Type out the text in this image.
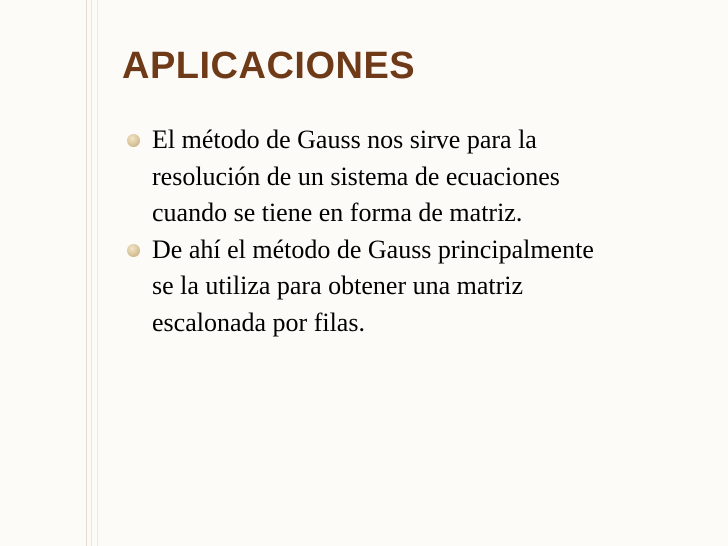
APLICACIONES
El método de Gauss nos sirve para la
resolución de un sistema de ecuaciones
cuando se tiene en forma de matriz.
De ahí el método de Gauss principalmente
se la utiliza para obtener una matriz
escalonada por filas.
